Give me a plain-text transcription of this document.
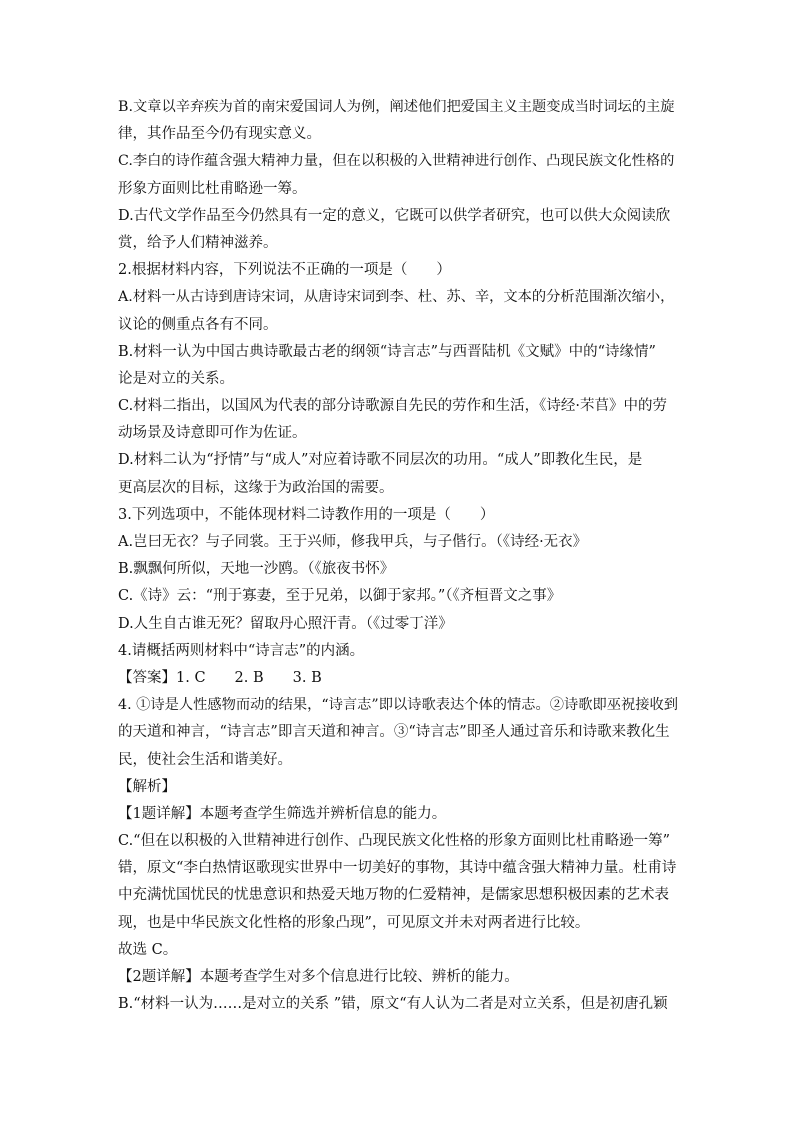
B.文章以辛弃疾为首的南宋爱国词人为例，阐述他们把爱国主义主题变成当时词坛的主旋
律，其作品至今仍有现实意义。
C.李白的诗作蕴含强大精神力量，但在以积极的入世精神进行创作、凸现民族文化性格的
形象方面则比杜甫略逊一筹。
D.古代文学作品至今仍然具有一定的意义，它既可以供学者研究，也可以供大众阅读欣
赏，给予人们精神滋养。
2.根据材料内容，下列说法不正确的一项是（　　）
A.材料一从古诗到唐诗宋词，从唐诗宋词到李、杜、苏、辛，文本的分析范围渐次缩小，
议论的侧重点各有不同。
B.材料一认为中国古典诗歌最古老的纲领“诗言志”与西晋陆机《文赋》中的“诗缘情”
论是对立的关系。
C.材料二指出，以国风为代表的部分诗歌源自先民的劳作和生活，《诗经·芣苢》中的劳
动场景及诗意即可作为佐证。
D.材料二认为“抒情”与“成人”对应着诗歌不同层次的功用。“成人”即教化生民，是
更高层次的目标，这缘于为政治国的需要。
3.下列选项中，不能体现材料二诗教作用的一项是（　　）
A.岂曰无衣？与子同裳。王于兴师，修我甲兵，与子偕行。（《诗经·无衣》
B.飘飘何所似，天地一沙鸥。（《旅夜书怀》
C.《诗》云：“刑于寡妻，至于兄弟，以御于家邦。”（《齐桓晋文之事》
D.人生自古谁无死？留取丹心照汗青。（《过零丁洋》
4.请概括两则材料中“诗言志”的内涵。
【答案】1. C　　2. B　　3. B
4. ①诗是人性感物而动的结果，“诗言志”即以诗歌表达个体的情志。②诗歌即巫祝接收到
的天道和神言，“诗言志”即言天道和神言。③“诗言志”即圣人通过音乐和诗歌来教化生
民，使社会生活和谐美好。
【解析】
【1题详解】本题考查学生筛选并辨析信息的能力。
C.“但在以积极的入世精神进行创作、凸现民族文化性格的形象方面则比杜甫略逊一筹”
错，原文“李白热情讴歌现实世界中一切美好的事物，其诗中蕴含强大精神力量。杜甫诗
中充满忧国忧民的忧患意识和热爱天地万物的仁爱精神，是儒家思想积极因素的艺术表
现，也是中华民族文化性格的形象凸现”，可见原文并未对两者进行比较。
故选 C。
【2题详解】本题考查学生对多个信息进行比较、辨析的能力。
B.“材料一认为……是对立的关系 ”错，原文“有人认为二者是对立关系，但是初唐孔颖
